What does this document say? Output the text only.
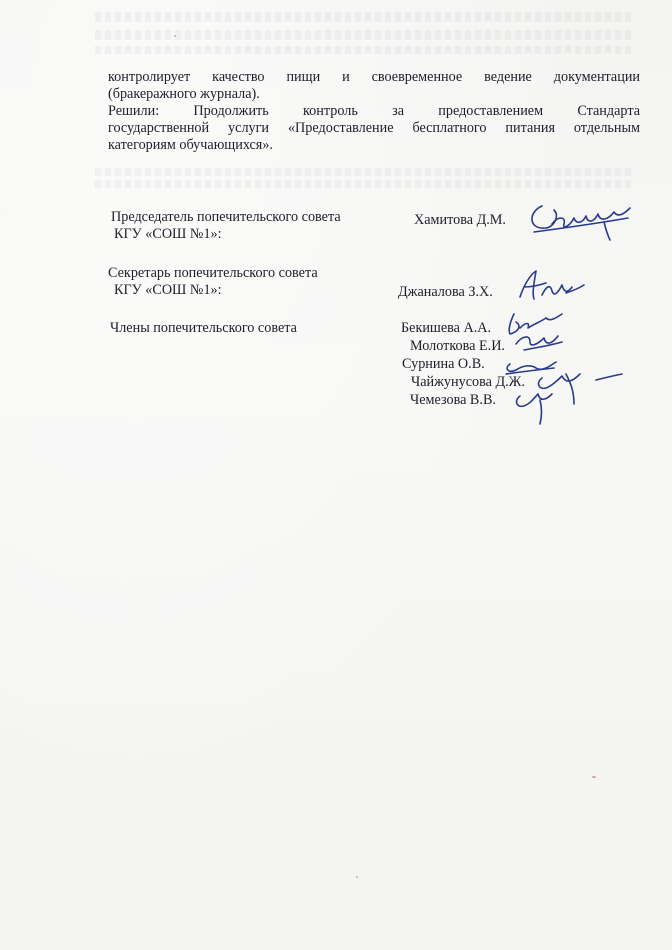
контролирует качество пищи и своевременное ведение документации
(бракеражного журнала).
Решили: Продолжить контроль за предоставлением Стандарта
государственной услуги «Предоставление бесплатного питания отдельным
категориям обучающихся».
Председатель попечительского совета
КГУ «СОШ №1»:
Хамитова Д.М.
Секретарь попечительского совета
КГУ «СОШ №1»:	Джаналова З.Х.
Члены попечительского совета	Бекишева А.А.
Молоткова Е.И.
Сурнина О.В.
Чайжунусова Д.Ж.
Чемезова В.В.
